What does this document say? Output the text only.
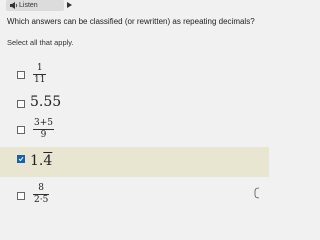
Listen
Which answers can be classified (or rewritten) as repeating decimals?
Select all that apply.
1
11
5.55
3+5
9
1.4
8
2·5
